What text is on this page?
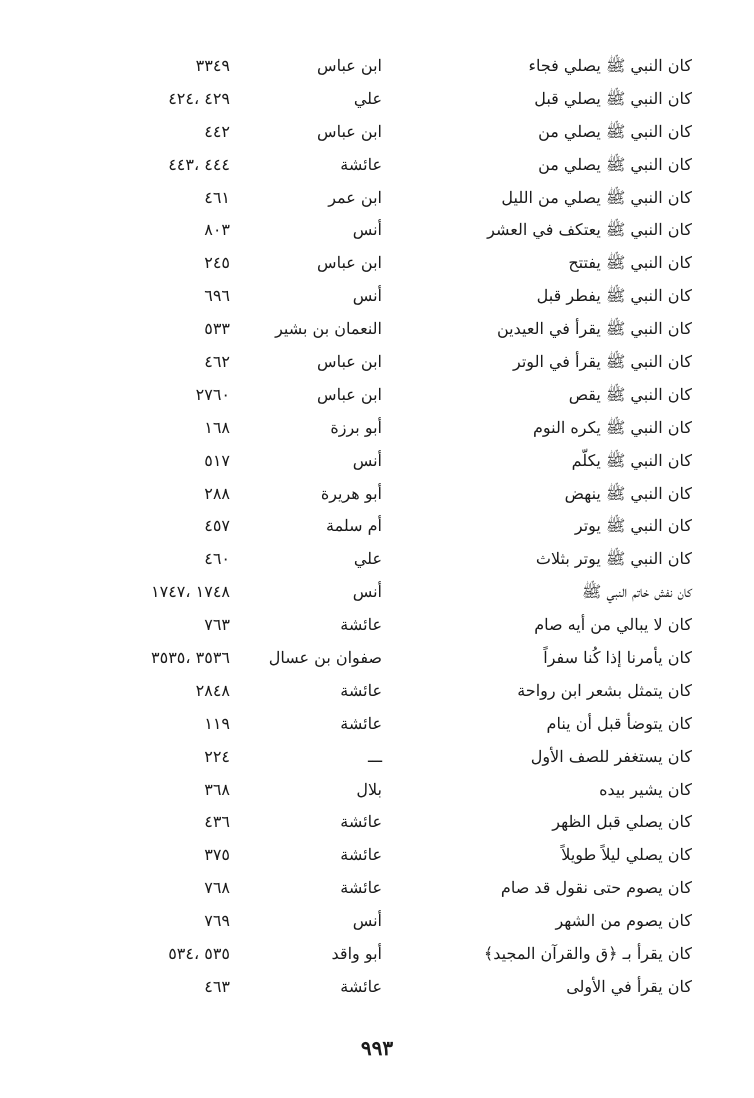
كان النبي ﷺ يصلي فجاء
ابن عباس
٣٣٤٩
كان النبي ﷺ يصلي قبل
علي
٤٢٩ ،٤٢٤
كان النبي ﷺ يصلي من
ابن عباس
٤٤٢
كان النبي ﷺ يصلي من
عائشة
٤٤٤ ،٤٤٣
كان النبي ﷺ يصلي من الليل
ابن عمر
٤٦١
كان النبي ﷺ يعتكف في العشر
أنس
٨٠٣
كان النبي ﷺ يفتتح
ابن عباس
٢٤٥
كان النبي ﷺ يفطر قبل
أنس
٦٩٦
كان النبي ﷺ يقرأ في العيدين
النعمان بن بشير
٥٣٣
كان النبي ﷺ يقرأ في الوتر
ابن عباس
٤٦٢
كان النبي ﷺ يقص
ابن عباس
٢٧٦٠
كان النبي ﷺ يكره النوم
أبو برزة
١٦٨
كان النبي ﷺ يكلّم
أنس
٥١٧
كان النبي ﷺ ينهض
أبو هريرة
٢٨٨
كان النبي ﷺ يوتر
أم سلمة
٤٥٧
كان النبي ﷺ يوتر بثلاث
علي
٤٦٠
كان نفش خاتم النبي ﷺ
أنس
١٧٤٨ ،١٧٤٧
كان لا يبالي من أيه صام
عائشة
٧٦٣
كان يأمرنا إذا كُنا سفراً
صفوان بن عسال
٣٥٣٦ ،٣٥٣٥
كان يتمثل بشعر ابن رواحة
عائشة
٢٨٤٨
كان يتوضأ قبل أن ينام
عائشة
١١٩
كان يستغفر للصف الأول
ـــ
٢٢٤
كان يشير بيده
بلال
٣٦٨
كان يصلي قبل الظهر
عائشة
٤٣٦
كان يصلي ليلاً طويلاً
عائشة
٣٧٥
كان يصوم حتى نقول قد صام
عائشة
٧٦٨
كان يصوم من الشهر
أنس
٧٦٩
كان يقرأ بـ ﴿ق والقرآن المجيد﴾
أبو واقد
٥٣٥ ،٥٣٤
كان يقرأ في الأولى
عائشة
٤٦٣
٩٩٣
